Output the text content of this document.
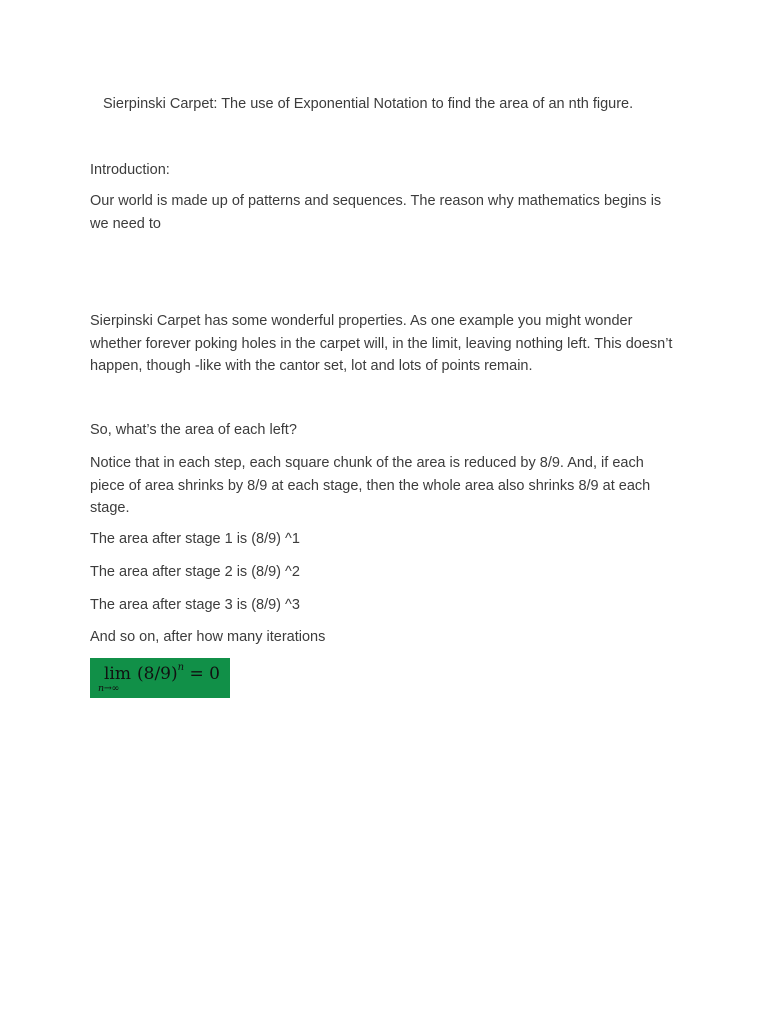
Sierpinski Carpet: The use of Exponential Notation to find the area of an nth figure.

Introduction:

Our world is made up of patterns and sequences. The reason why mathematics begins is we need to

Sierpinski Carpet has some wonderful properties. As one example you might wonder whether forever poking holes in the carpet will, in the limit, leaving nothing left. This doesn’t happen, though -like with the cantor set, lot and lots of points remain.

So, what’s the area of each left?

Notice that in each step, each square chunk of the area is reduced by 8/9. And, if each piece of area shrinks by 8/9 at each stage, then the whole area also shrinks 8/9 at each stage.

The area after stage 1 is (8/9) ^1

The area after stage 2 is (8/9) ^2

The area after stage 3 is (8/9) ^3

And so on, after how many iterations

lim
n→∞
$(8/9)^n = 0$
